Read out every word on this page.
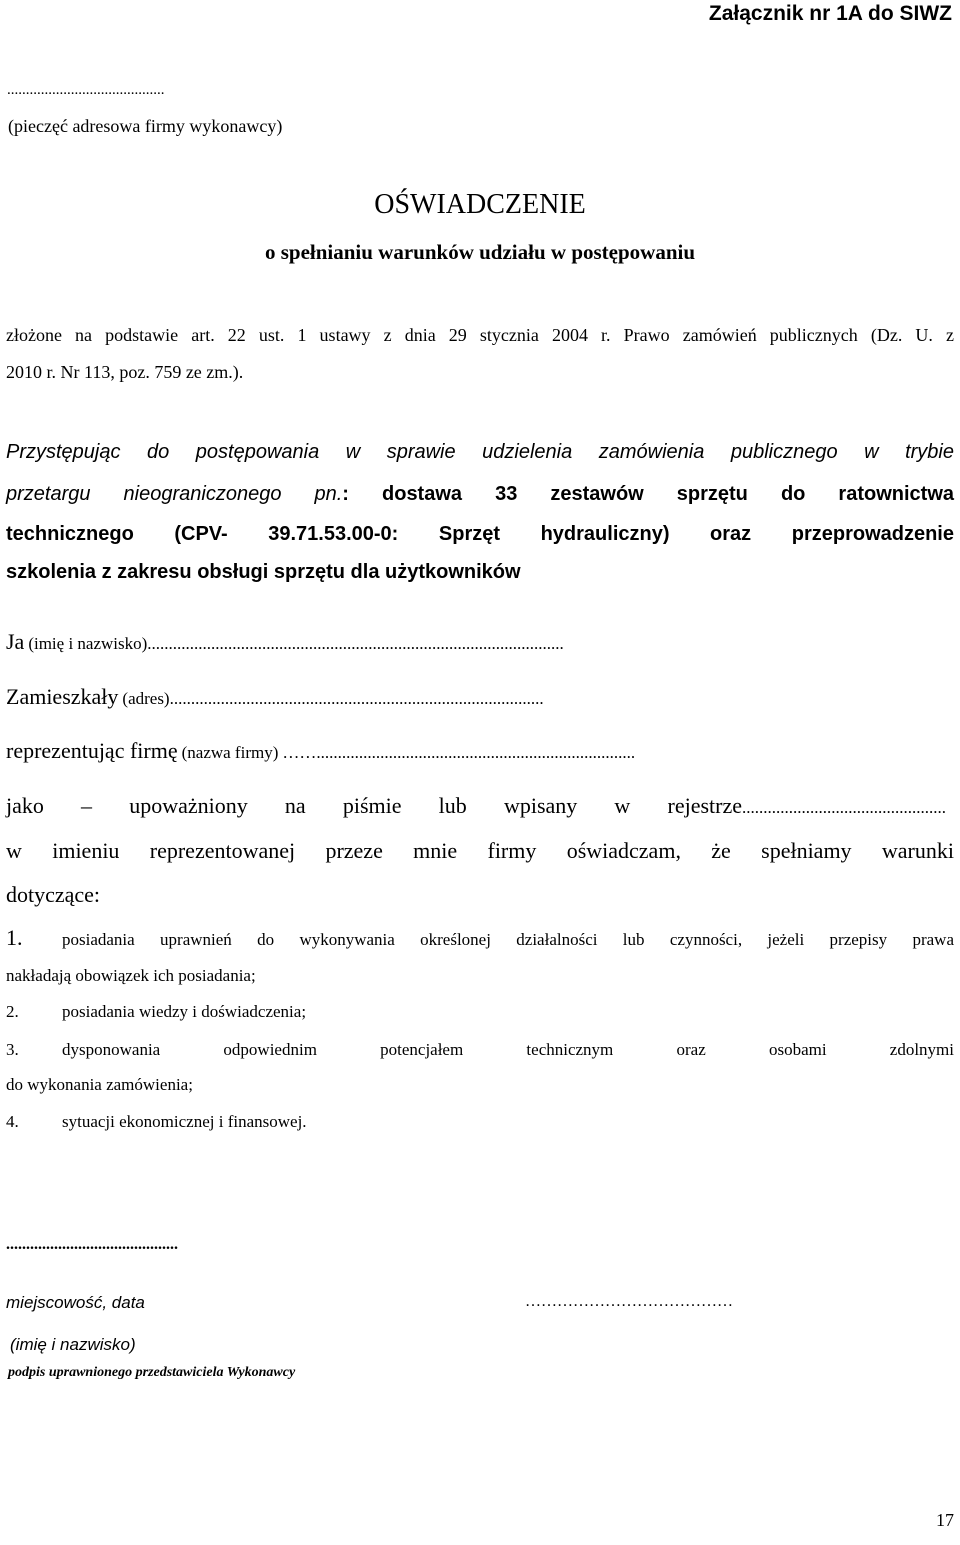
Załącznik nr 1A do SIWZ
..........................................
(pieczęć adresowa firmy wykonawcy)
OŚWIADCZENIE
o spełnianiu warunków udziału w postępowaniu
złożone na podstawie art. 22 ust. 1 ustawy z dnia 29 stycznia 2004 r. Prawo zamówień publicznych (Dz. U. z
2010 r. Nr 113, poz. 759 ze zm.).
Przystępując do postępowania w sprawie udzielenia zamówienia publicznego w trybie
przetargu nieograniczonego pn.: dostawa 33 zestawów sprzętu do ratownictwa
technicznego (CPV- 39.71.53.00-0: Sprzęt hydrauliczny) oraz przeprowadzenie
szkolenia z zakresu obsługi sprzętu dla użytkowników
Ja (imię i nazwisko)..................................................................................................
Zamieszkały (adres)........................................................................................
reprezentując firmę (nazwa firmy) ……...........................................................................
jako – upoważniony na piśmie lub wpisany w rejestrze................................................
w imieniu reprezentowanej przeze mnie firmy oświadczam, że spełniamy warunki
dotyczące:
1. posiadania uprawnień do wykonywania określonej działalności lub czynności, jeżeli przepisy prawa
nakładają obowiązek ich posiadania;
2.	posiadania wiedzy i doświadczenia;
3.	dysponowania odpowiednim potencjałem technicznym oraz osobami zdolnymi
do wykonania zamówienia;
4.	sytuacji ekonomicznej i finansowej.
...........................................
miejscowość, data	…………………………………
(imię i nazwisko)
podpis uprawnionego przedstawiciela Wykonawcy
17
